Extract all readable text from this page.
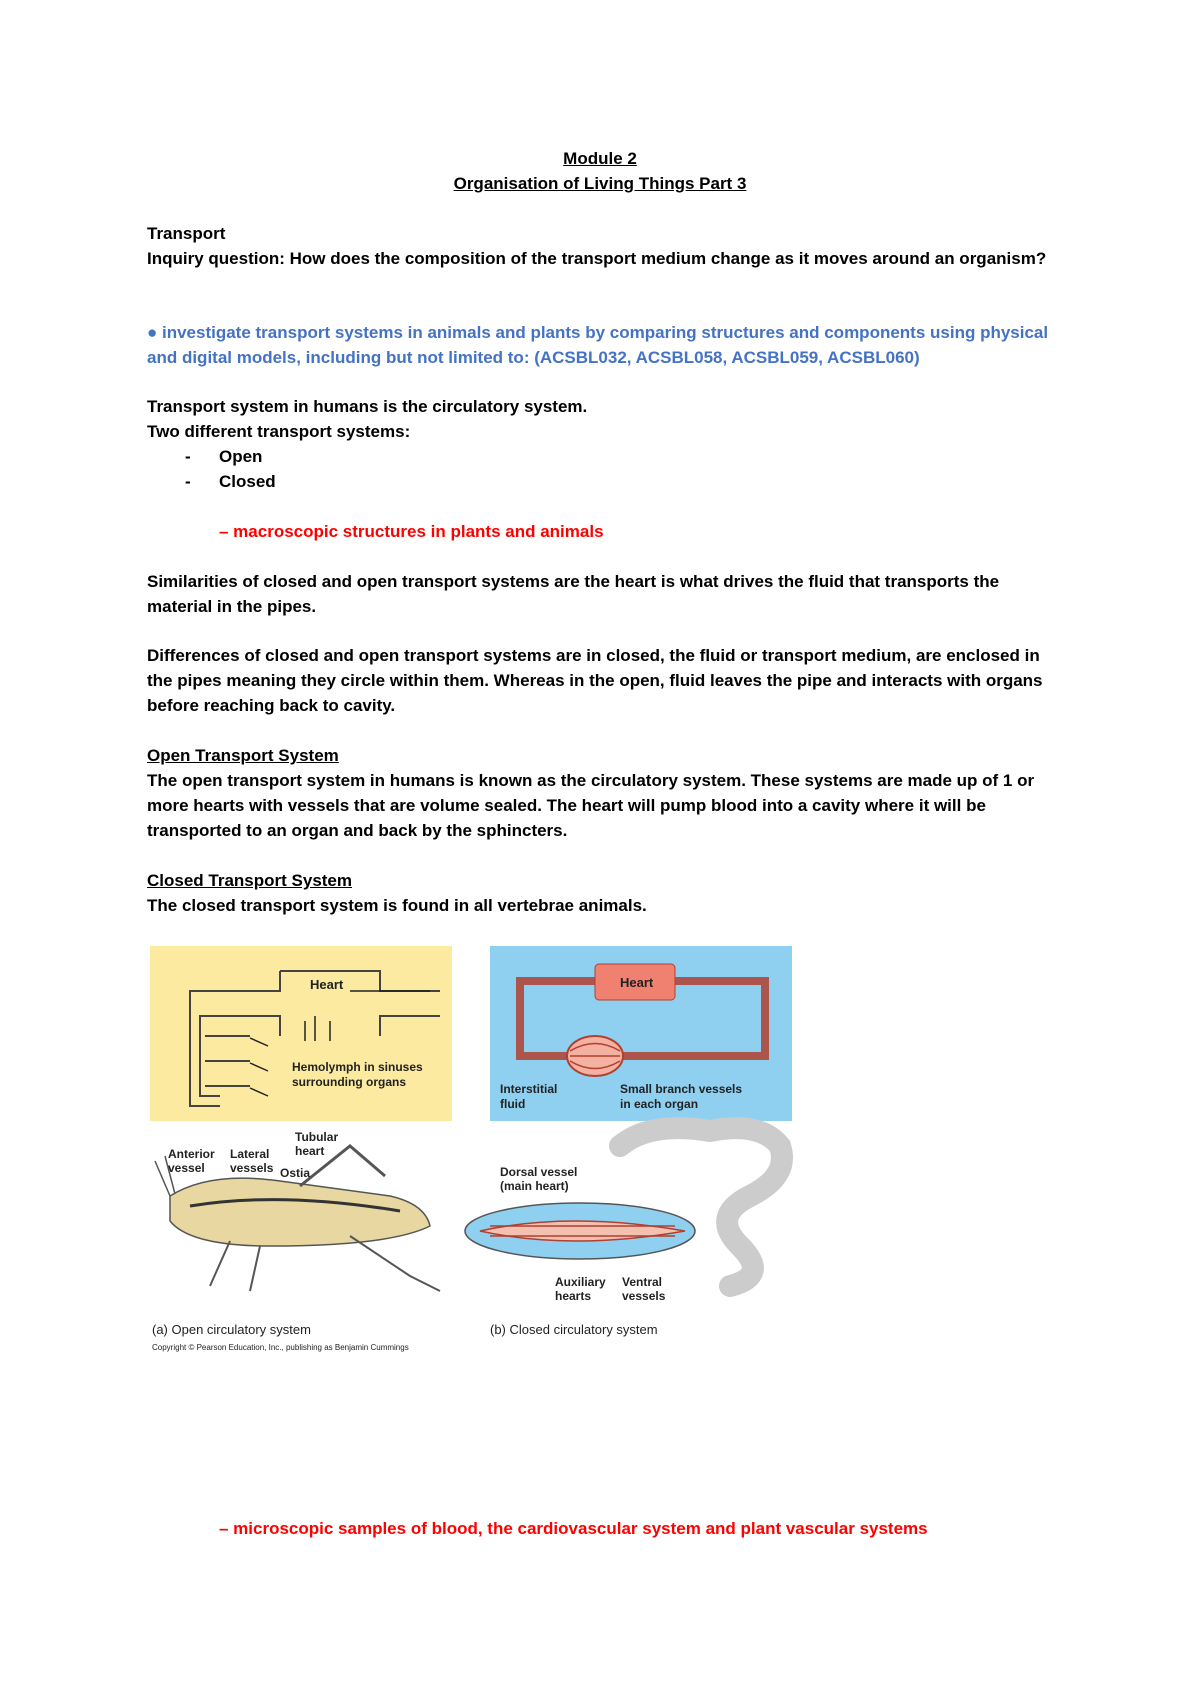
Module 2
Organisation of Living Things Part 3
Transport
Inquiry question: How does the composition of the transport medium change as it moves around an organism?
● investigate transport systems in animals and plants by comparing structures and components using physical
and digital models, including but not limited to: (ACSBL032, ACSBL058, ACSBL059, ACSBL060)
Transport system in humans is the circulatory system.
Two different transport systems:
- Open
- Closed
– macroscopic structures in plants and animals
Similarities of closed and open transport systems are the heart is what drives the fluid that transports the
material in the pipes.
Differences of closed and open transport systems are in closed, the fluid or transport medium, are enclosed in
the pipes meaning they circle within them. Whereas in the open, fluid leaves the pipe and interacts with organs
before reaching back to cavity.
Open Transport System
The open transport system in humans is known as the circulatory system. These systems are made up of 1 or
more hearts with vessels that are volume sealed. The heart will pump blood into a cavity where it will be
transported to an organ and back by the sphincters.
Closed Transport System
The closed transport system is found in all vertebrae animals.
Heart
Hemolymph in sinuses
surrounding organs
Heart
Interstitial
fluid
Small branch vessels
in each organ
Anterior
vessel
Lateral
vessels
Tubular
heart
Ostia	Dorsal vessel
(main heart)
Auxiliary
hearts
Ventral
vessels
(a) Open circulatory system	(b) Closed circulatory system
Copyright © Pearson Education, Inc., publishing as Benjamin Cummings
– microscopic samples of blood, the cardiovascular system and plant vascular systems
